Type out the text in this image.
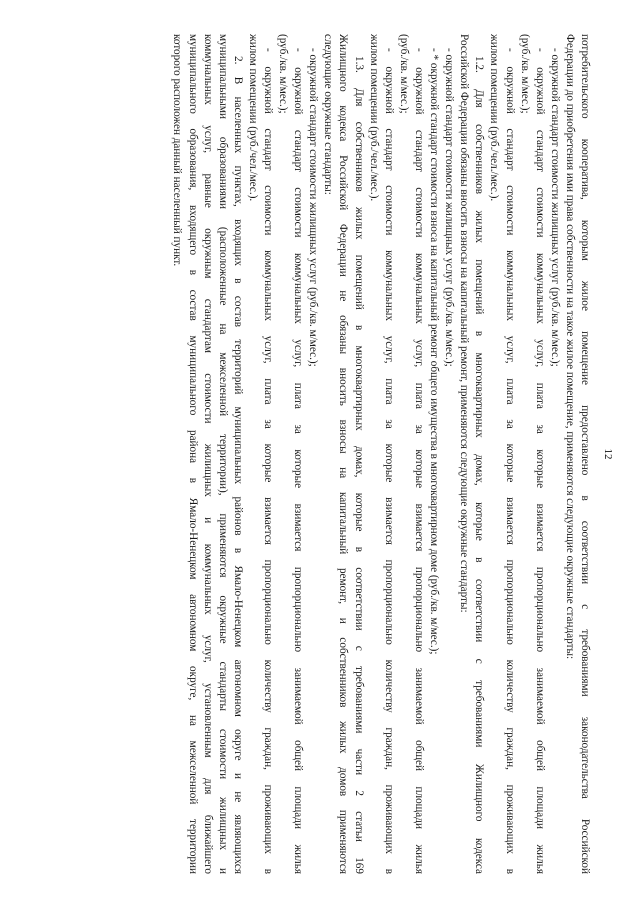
12
потребительского кооператива, которым жилое помещение предоставлено в соответствии с требованиями законодательства Российской
Федерации до приобретения ими права собственности на такое жилое помещение, применяются следующие окружные стандарты:
- окружной стандарт стоимости жилищных услуг (руб./кв. м/мес.);
- окружной стандарт стоимости коммунальных услуг, плата за которые взимается пропорционально занимаемой общей площади жилья
(руб./кв. м/мес.);
- окружной стандарт стоимости коммунальных услуг, плата за которые взимается пропорционально количеству граждан, проживающих в
жилом помещении (руб./чел./мес.).
1.2. Для собственников жилых помещений в многоквартирных домах, которые в соответствии с требованиями Жилищного кодекса
Российской Федерации обязаны вносить взносы на капитальный ремонт, применяются следующие окружные стандарты:
- окружной стандарт стоимости жилищных услуг (руб./кв. м/мес.);
- * окружной стандарт стоимости взноса на капитальный ремонт общего имущества в многоквартирном доме (руб./кв. м/мес.);
- окружной стандарт стоимости коммунальных услуг, плата за которые взимается пропорционально занимаемой общей площади жилья
(руб./кв. м/мес.);
- окружной стандарт стоимости коммунальных услуг, плата за которые взимается пропорционально количеству граждан, проживающих в
жилом помещении (руб./чел./мес.).
1.3. Для собственников жилых помещений в многоквартирных домах, которые в соответствии с требованиями части 2 статьи 169
Жилищного кодекса Российской Федерации не обязаны вносить взносы на капитальный ремонт, и собственников жилых домов применяются
следующие окружные стандарты:
- окружной стандарт стоимости жилищных услуг (руб./кв. м/мес.);
- окружной стандарт стоимости коммунальных услуг, плата за которые взимается пропорционально занимаемой общей площади жилья
(руб./кв. м/мес.);
- окружной стандарт стоимости коммунальных услуг, плата за которые взимается пропорционально количеству граждан, проживающих в
жилом помещении (руб./чел./мес.).
2. В населенных пунктах, входящих в состав территорий муниципальных районов в Ямало-Ненецком автономном округе и не являющихся
муниципальными образованиями (расположенные на межселенной территории), применяются окружные стандарты стоимости жилищных и
коммунальных услуг, равные окружным стандартам стоимости жилищных и коммунальных услуг, установленным для ближайшего
муниципального образования, входящего в состав муниципального района в Ямало-Ненецком автономном округе, на межселенной территории
которого расположен данный населенный пункт.
